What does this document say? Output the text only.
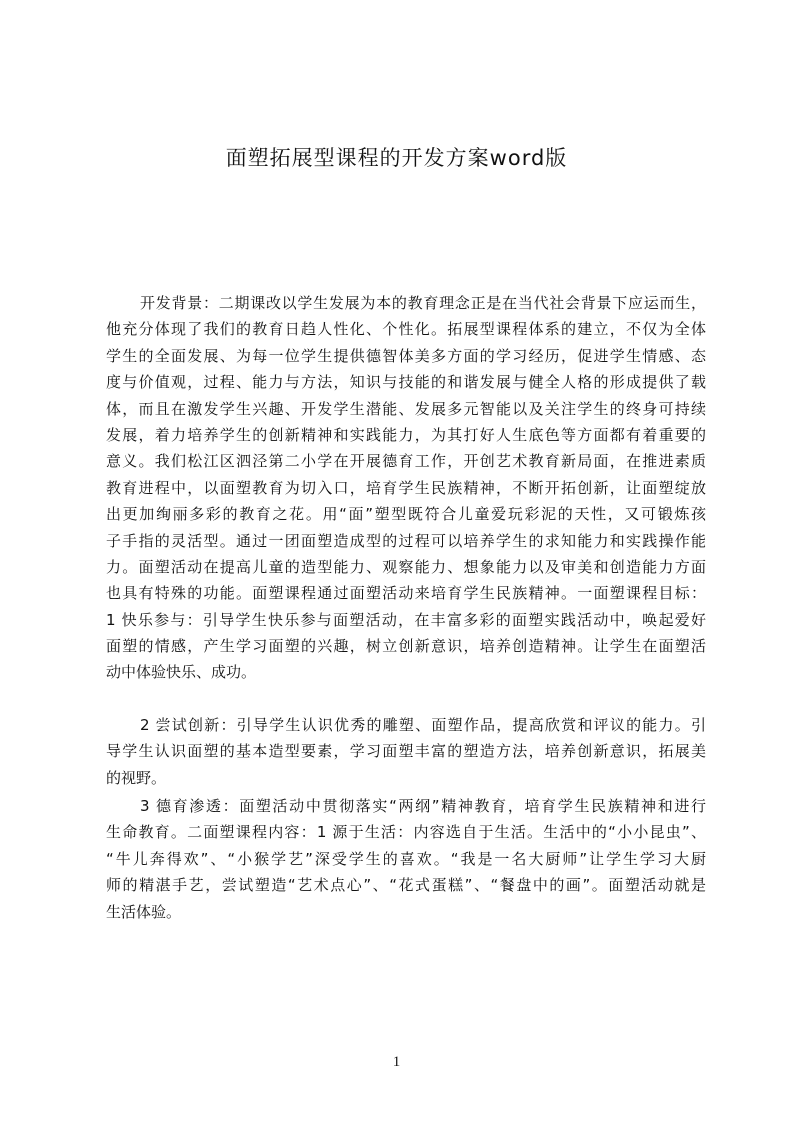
面塑拓展型课程的开发方案word版
开发背景：二期课改以学生发展为本的教育理念正是在当代社会背景下应运而生，
他充分体现了我们的教育日趋人性化、个性化。拓展型课程体系的建立，不仅为全体
学生的全面发展、为每一位学生提供德智体美多方面的学习经历，促进学生情感、态
度与价值观，过程、能力与方法，知识与技能的和谐发展与健全人格的形成提供了载
体，而且在激发学生兴趣、开发学生潜能、发展多元智能以及关注学生的终身可持续
发展，着力培养学生的创新精神和实践能力，为其打好人生底色等方面都有着重要的
意义。我们松江区泗泾第二小学在开展德育工作，开创艺术教育新局面，在推进素质
教育进程中，以面塑教育为切入口，培育学生民族精神，不断开拓创新，让面塑绽放
出更加绚丽多彩的教育之花。用“面”塑型既符合儿童爱玩彩泥的天性，又可锻炼孩
子手指的灵活型。通过一团面塑造成型的过程可以培养学生的求知能力和实践操作能
力。面塑活动在提高儿童的造型能力、观察能力、想象能力以及审美和创造能力方面
也具有特殊的功能。面塑课程通过面塑活动来培育学生民族精神。一面塑课程目标：
1 快乐参与：引导学生快乐参与面塑活动，在丰富多彩的面塑实践活动中，唤起爱好
面塑的情感，产生学习面塑的兴趣，树立创新意识，培养创造精神。让学生在面塑活
动中体验快乐、成功。
2 尝试创新：引导学生认识优秀的雕塑、面塑作品，提高欣赏和评议的能力。引
导学生认识面塑的基本造型要素，学习面塑丰富的塑造方法，培养创新意识，拓展美
的视野。
3 德育渗透：面塑活动中贯彻落实“两纲”精神教育，培育学生民族精神和进行
生命教育。二面塑课程内容：1 源于生活：内容选自于生活。生活中的“小小昆虫”、
“牛儿奔得欢”、“小猴学艺”深受学生的喜欢。“我是一名大厨师”让学生学习大厨
师的精湛手艺，尝试塑造“艺术点心”、“花式蛋糕”、“餐盘中的画”。面塑活动就是
生活体验。
1
